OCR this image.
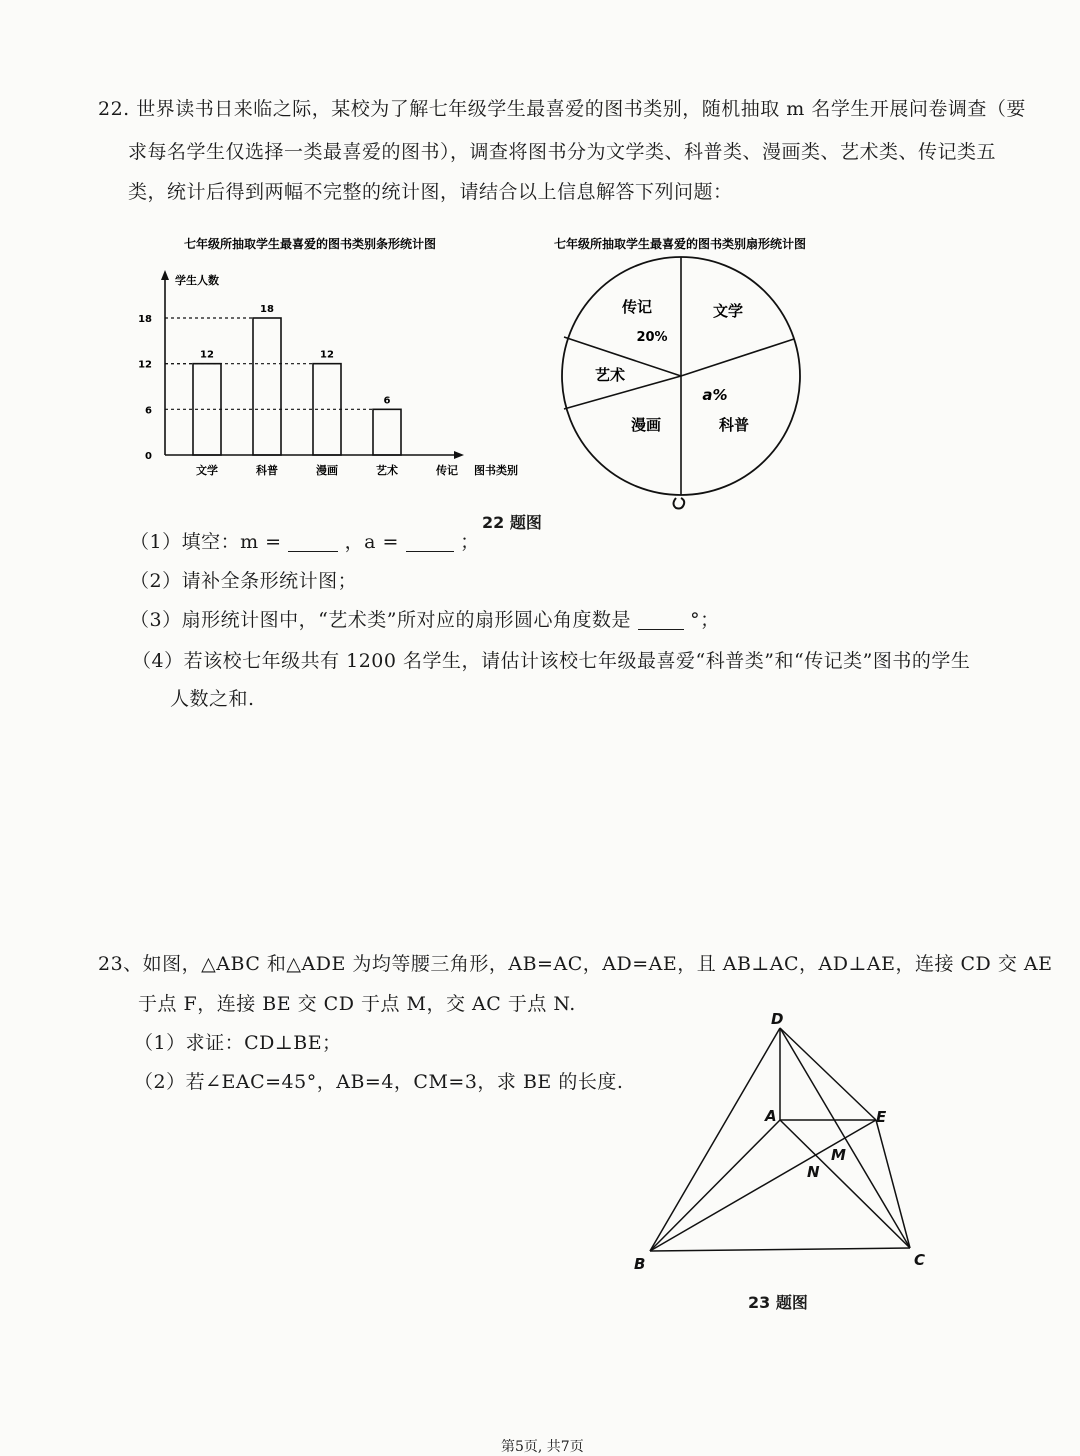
22. 世界读书日来临之际，某校为了解七年级学生最喜爱的图书类别，随机抽取 m 名学生开展问卷调查（要
求每名学生仅选择一类最喜爱的图书），调查将图书分为文学类、科普类、漫画类、艺术类、传记类五
类，统计后得到两幅不完整的统计图，请结合以上信息解答下列问题：
七年级所抽取学生最喜爱的图书类别条形统计图
学生人数
0
6
12
18
12
18
12
6
文学	科普	漫画	艺术	传记 图书类别
七年级所抽取学生最喜爱的图书类别扇形统计图
传记
20%
文学
a%
科普
漫画
艺术
22 题图
（1）填空：m =	，a =	；
（2）请补全条形统计图；
（3）扇形统计图中，“艺术类”所对应的扇形圆心角度数是	°；
（4）若该校七年级共有 1200 名学生，请估计该校七年级最喜爱“科普类”和“传记类”图书的学生
人数之和.
23、如图，△ABC 和△ADE 为均等腰三角形，AB=AC，AD=AE，且 AB⊥AC，AD⊥AE，连接 CD 交 AE
于点 F，连接 BE 交 CD 于点 M，交 AC 于点 N.
（1）求证：CD⊥BE；
（2）若∠EAC=45°，AB=4，CM=3，求 BE 的长度.
D
A	E
M
N
B	C
23 题图
第5页, 共7页
